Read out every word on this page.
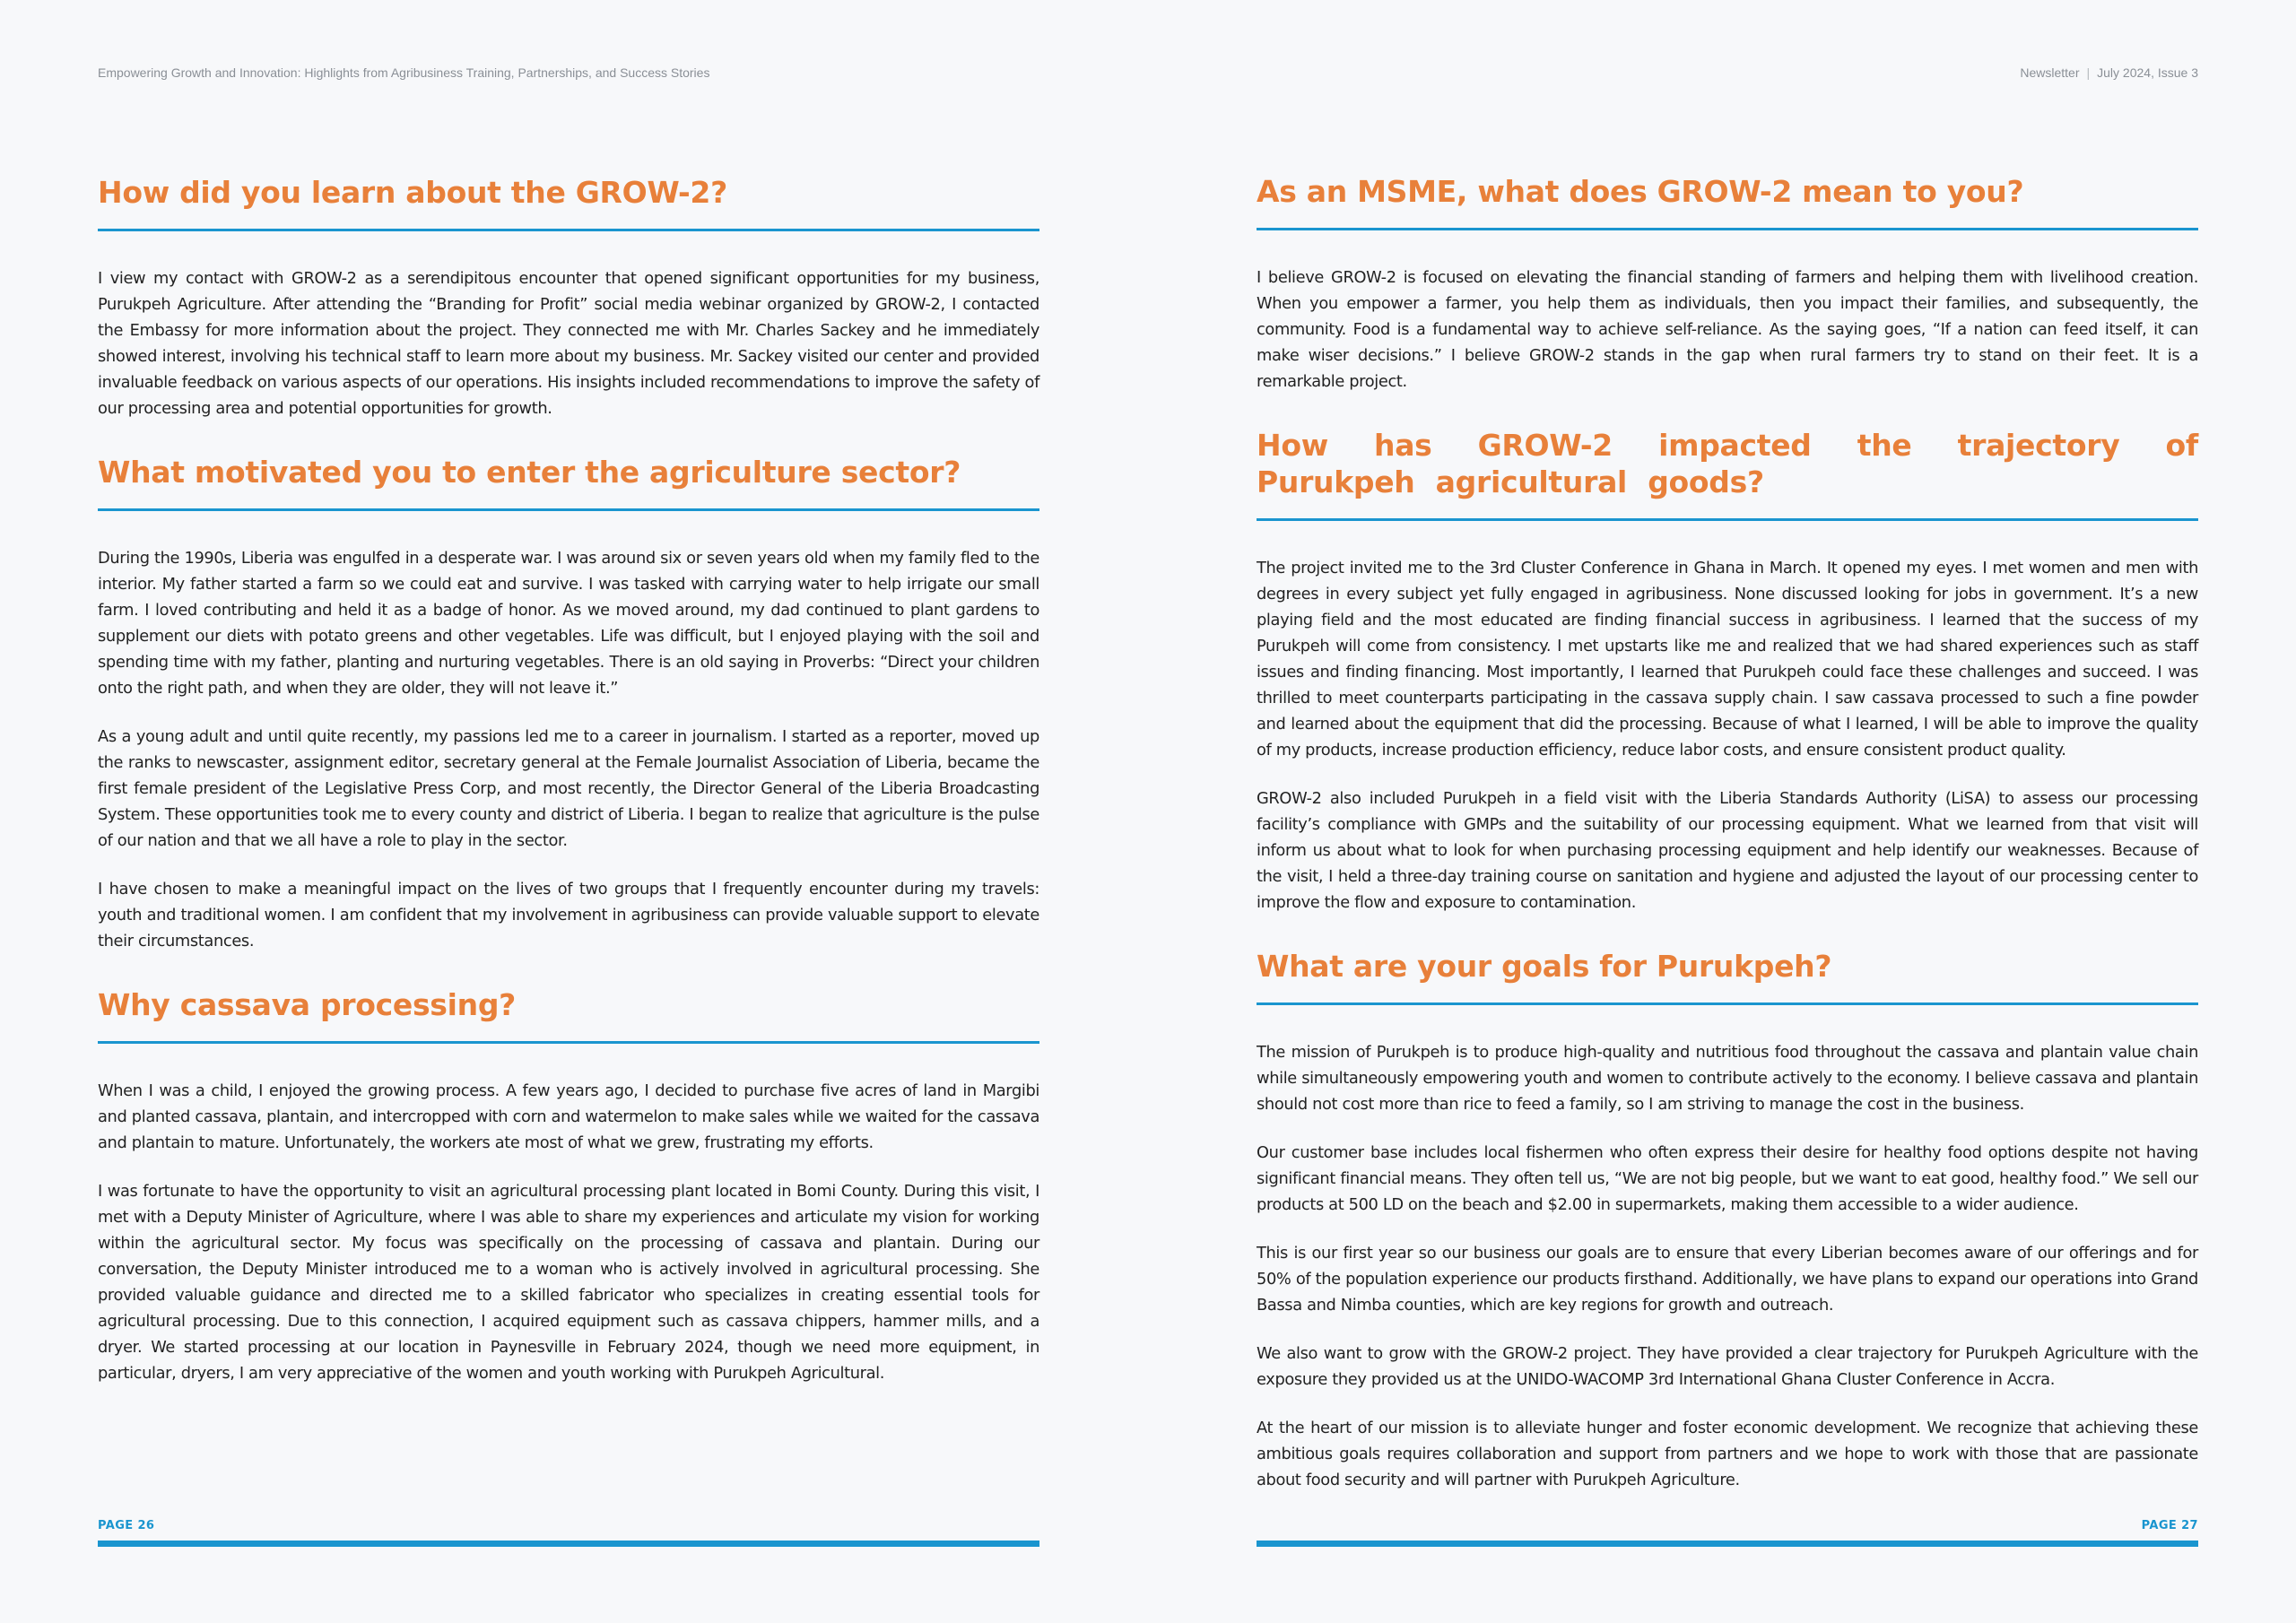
Empowering Growth and Innovation: Highlights from Agribusiness Training, Partnerships, and Success Stories
How did you learn about the GROW-2?

I view my contact with GROW-2 as a serendipitous encounter that opened significant opportunities for my business, Purukpeh Agriculture. After attending the “Branding for Profit” social media webinar organized by GROW-2, I contacted the Embassy for more information about the project. They connected me with Mr. Charles Sackey and he immediately showed interest, involving his technical staff to learn more about my business. Mr. Sackey visited our center and provided invaluable feedback on various aspects of our operations. His insights included recommendations to improve the safety of our processing area and potential opportunities for growth.

What motivated you to enter the agriculture sector?

During the 1990s, Liberia was engulfed in a desperate war. I was around six or seven years old when my family fled to the interior. My father started a farm so we could eat and survive. I was tasked with carrying water to help irrigate our small farm. I loved contributing and held it as a badge of honor. As we moved around, my dad continued to plant gardens to supplement our diets with potato greens and other vegetables. Life was difficult, but I enjoyed playing with the soil and spending time with my father, planting and nurturing vegetables. There is an old saying in Proverbs: “Direct your children onto the right path, and when they are older, they will not leave it.”

As a young adult and until quite recently, my passions led me to a career in journalism. I started as a reporter, moved up the ranks to newscaster, assignment editor, secretary general at the Female Journalist Association of Liberia, became the first female president of the Legislative Press Corp, and most recently, the Director General of the Liberia Broadcasting System. These opportunities took me to every county and district of Liberia. I began to realize that agriculture is the pulse of our nation and that we all have a role to play in the sector.

I have chosen to make a meaningful impact on the lives of two groups that I frequently encounter during my travels: youth and traditional women. I am confident that my involvement in agribusiness can provide valuable support to elevate their circumstances.

Why cassava processing?

When I was a child, I enjoyed the growing process. A few years ago, I decided to purchase five acres of land in Margibi and planted cassava, plantain, and intercropped with corn and watermelon to make sales while we waited for the cassava and plantain to mature. Unfortunately, the workers ate most of what we grew, frustrating my efforts.

I was fortunate to have the opportunity to visit an agricultural processing plant located in Bomi County. During this visit, I met with a Deputy Minister of Agriculture, where I was able to share my experiences and articulate my vision for working within the agricultural sector. My focus was specifically on the processing of cassava and plantain. During our conversation, the Deputy Minister introduced me to a woman who is actively involved in agricultural processing. She provided valuable guidance and directed me to a skilled fabricator who specializes in creating essential tools for agricultural processing. Due to this connection, I acquired equipment such as cassava chippers, hammer mills, and a dryer. We started processing at our location in Paynesville in February 2024, though we need more equipment, in particular, dryers, I am very appreciative of the women and youth working with Purukpeh Agricultural.

PAGE 26
Newsletter | July 2024, Issue 3
As an MSME, what does GROW-2 mean to you?

I believe GROW-2 is focused on elevating the financial standing of farmers and helping them with livelihood creation. When you empower a farmer, you help them as individuals, then you impact their families, and subsequently, the community. Food is a fundamental way to achieve self-reliance. As the saying goes, “If a nation can feed itself, it can make wiser decisions.” I believe GROW-2 stands in the gap when rural farmers try to stand on their feet. It is a remarkable project.

How has GROW-2 impacted the trajectory of Purukpeh agricultural goods?

The project invited me to the 3rd Cluster Conference in Ghana in March. It opened my eyes. I met women and men with degrees in every subject yet fully engaged in agribusiness. None discussed looking for jobs in government. It’s a new playing field and the most educated are finding financial success in agribusiness. I learned that the success of my Purukpeh will come from consistency. I met upstarts like me and realized that we had shared experiences such as staff issues and finding financing. Most importantly, I learned that Purukpeh could face these challenges and succeed. I was thrilled to meet counterparts participating in the cassava supply chain. I saw cassava processed to such a fine powder and learned about the equipment that did the processing. Because of what I learned, I will be able to improve the quality of my products, increase production efficiency, reduce labor costs, and ensure consistent product quality.

GROW-2 also included Purukpeh in a field visit with the Liberia Standards Authority (LiSA) to assess our processing facility’s compliance with GMPs and the suitability of our processing equipment. What we learned from that visit will inform us about what to look for when purchasing processing equipment and help identify our weaknesses. Because of the visit, I held a three-day training course on sanitation and hygiene and adjusted the layout of our processing center to improve the flow and exposure to contamination.

What are your goals for Purukpeh?

The mission of Purukpeh is to produce high-quality and nutritious food throughout the cassava and plantain value chain while simultaneously empowering youth and women to contribute actively to the economy. I believe cassava and plantain should not cost more than rice to feed a family, so I am striving to manage the cost in the business.

Our customer base includes local fishermen who often express their desire for healthy food options despite not having significant financial means. They often tell us, “We are not big people, but we want to eat good, healthy food.” We sell our products at 500 LD on the beach and $2.00 in supermarkets, making them accessible to a wider audience.

This is our first year so our business our goals are to ensure that every Liberian becomes aware of our offerings and for 50% of the population experience our products firsthand. Additionally, we have plans to expand our operations into Grand Bassa and Nimba counties, which are key regions for growth and outreach.

We also want to grow with the GROW-2 project. They have provided a clear trajectory for Purukpeh Agriculture with the exposure they provided us at the UNIDO-WACOMP 3rd International Ghana Cluster Conference in Accra.

At the heart of our mission is to alleviate hunger and foster economic development. We recognize that achieving these ambitious goals requires collaboration and support from partners and we hope to work with those that are passionate about food security and will partner with Purukpeh Agriculture.

PAGE 27
